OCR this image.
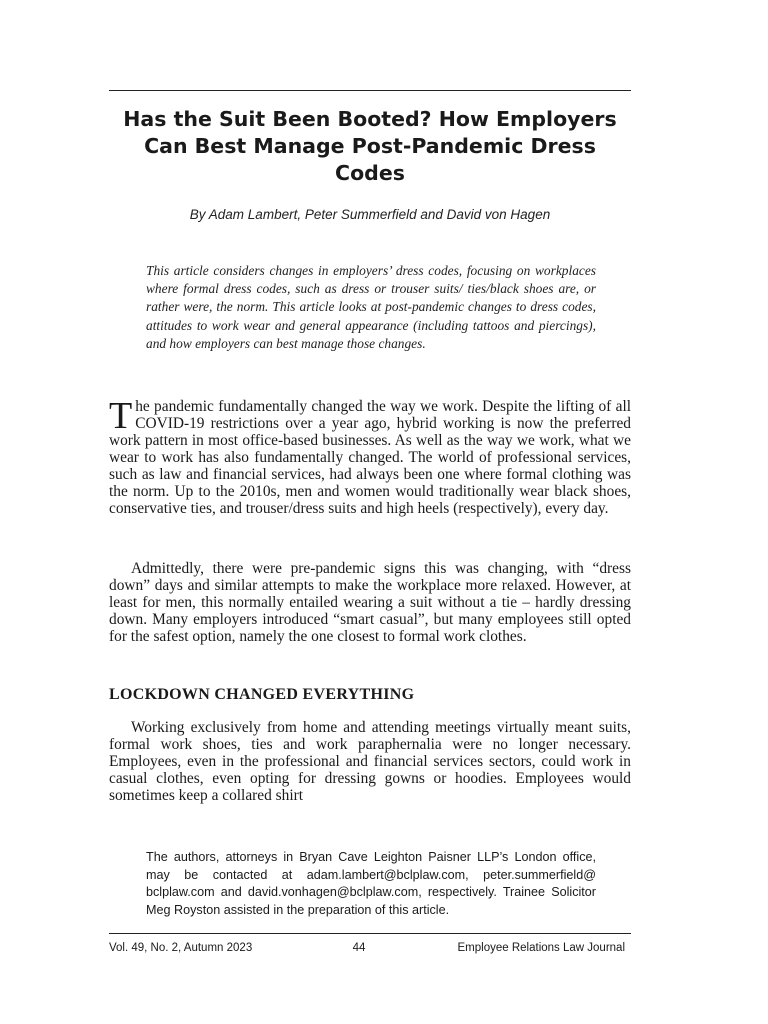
Has the Suit Been Booted? How Employers Can Best Manage Post-Pandemic Dress Codes

By Adam Lambert, Peter Summerfield and David von Hagen

This article considers changes in employers’ dress codes, focusing on workplaces where formal dress codes, such as dress or trouser suits/ ties/black shoes are, or rather were, the norm. This article looks at post-pandemic changes to dress codes, attitudes to work wear and general appearance (including tattoos and piercings), and how employers can best manage those changes.

The pandemic fundamentally changed the way we work. Despite the lifting of all COVID-19 restrictions over a year ago, hybrid working is now the preferred work pattern in most office-based businesses. As well as the way we work, what we wear to work has also fundamentally changed. The world of professional services, such as law and financial services, had always been one where formal clothing was the norm. Up to the 2010s, men and women would traditionally wear black shoes, conservative ties, and trouser/dress suits and high heels (respectively), every day.

Admittedly, there were pre-pandemic signs this was changing, with “dress down” days and similar attempts to make the workplace more relaxed. However, at least for men, this normally entailed wearing a suit without a tie – hardly dressing down. Many employers introduced “smart casual”, but many employees still opted for the safest option, namely the one closest to formal work clothes.

LOCKDOWN CHANGED EVERYTHING

Working exclusively from home and attending meetings virtually meant suits, formal work shoes, ties and work paraphernalia were no longer necessary. Employees, even in the professional and financial services sectors, could work in casual clothes, even opting for dressing gowns or hoodies. Employees would sometimes keep a collared shirt

The authors, attorneys in Bryan Cave Leighton Paisner LLP’s London office, may be contacted at adam.lambert@bclplaw.com, peter.summerfield@ bclplaw.com and david.vonhagen@bclplaw.com, respectively. Trainee Solicitor Meg Royston assisted in the preparation of this article.

Vol. 49, No. 2, Autumn 2023	44	Employee Relations Law Journal
